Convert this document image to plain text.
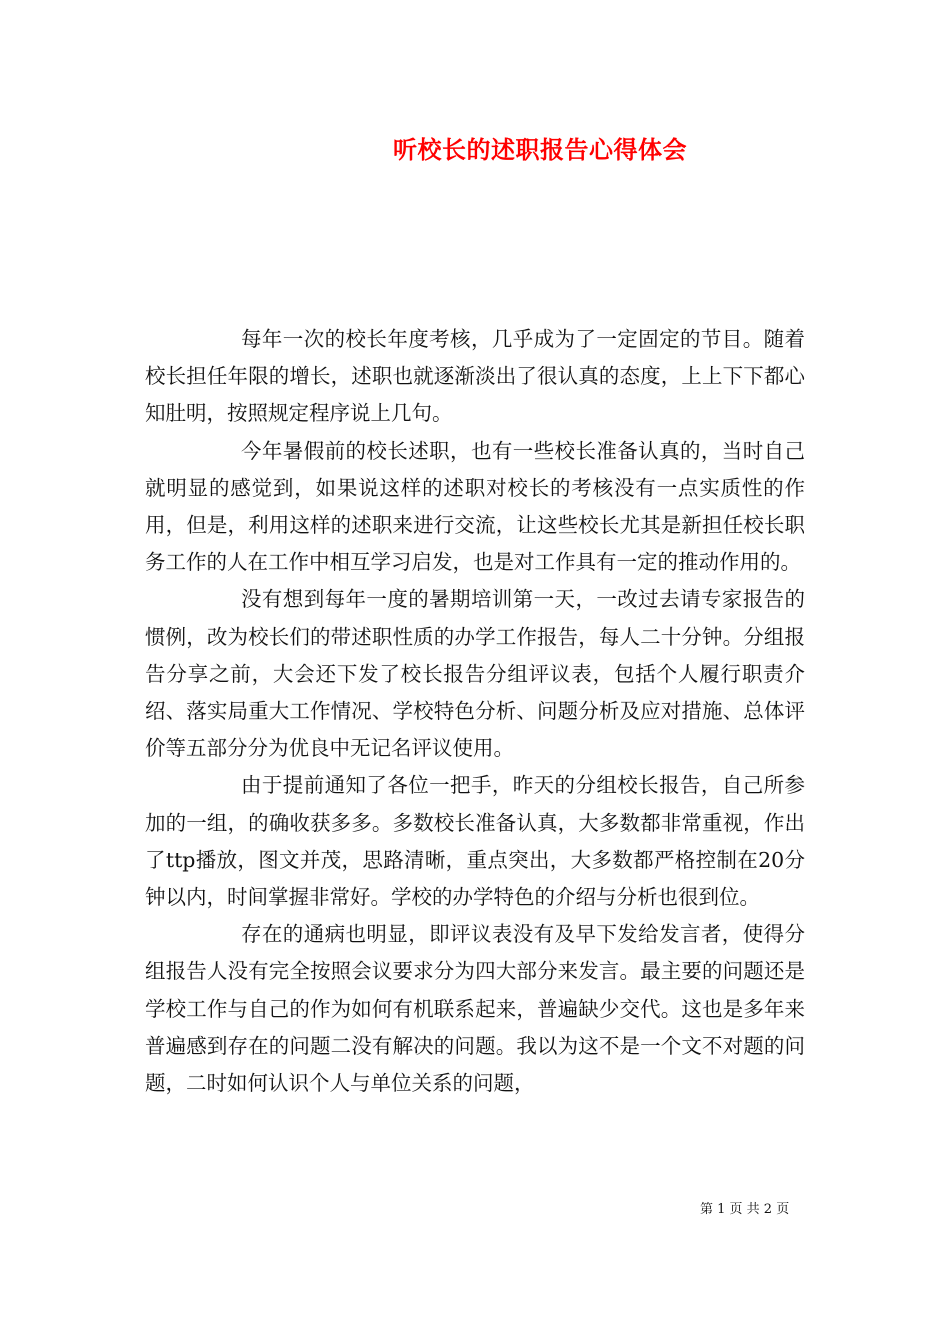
听校长的述职报告心得体会

每年一次的校长年度考核，几乎成为了一定固定的节目。随着校长担任年限的增长，述职也就逐渐淡出了很认真的态度，上上下下都心知肚明，按照规定程序说上几句。

今年暑假前的校长述职，也有一些校长准备认真的，当时自己就明显的感觉到，如果说这样的述职对校长的考核没有一点实质性的作用，但是，利用这样的述职来进行交流，让这些校长尤其是新担任校长职务工作的人在工作中相互学习启发，也是对工作具有一定的推动作用的。

没有想到每年一度的暑期培训第一天，一改过去请专家报告的惯例，改为校长们的带述职性质的办学工作报告，每人二十分钟。分组报告分享之前，大会还下发了校长报告分组评议表，包括个人履行职责介绍、落实局重大工作情况、学校特色分析、问题分析及应对措施、总体评价等五部分分为优良中无记名评议使用。

由于提前通知了各位一把手，昨天的分组校长报告，自己所参加的一组，的确收获多多。多数校长准备认真，大多数都非常重视，作出了ttp播放，图文并茂，思路清晰，重点突出，大多数都严格控制在20分钟以内，时间掌握非常好。学校的办学特色的介绍与分析也很到位。

存在的通病也明显，即评议表没有及早下发给发言者，使得分组报告人没有完全按照会议要求分为四大部分来发言。最主要的问题还是学校工作与自己的作为如何有机联系起来，普遍缺少交代。这也是多年来普遍感到存在的问题二没有解决的问题。我以为这不是一个文不对题的问题，二时如何认识个人与单位关系的问题，

第 1 页 共 2 页
